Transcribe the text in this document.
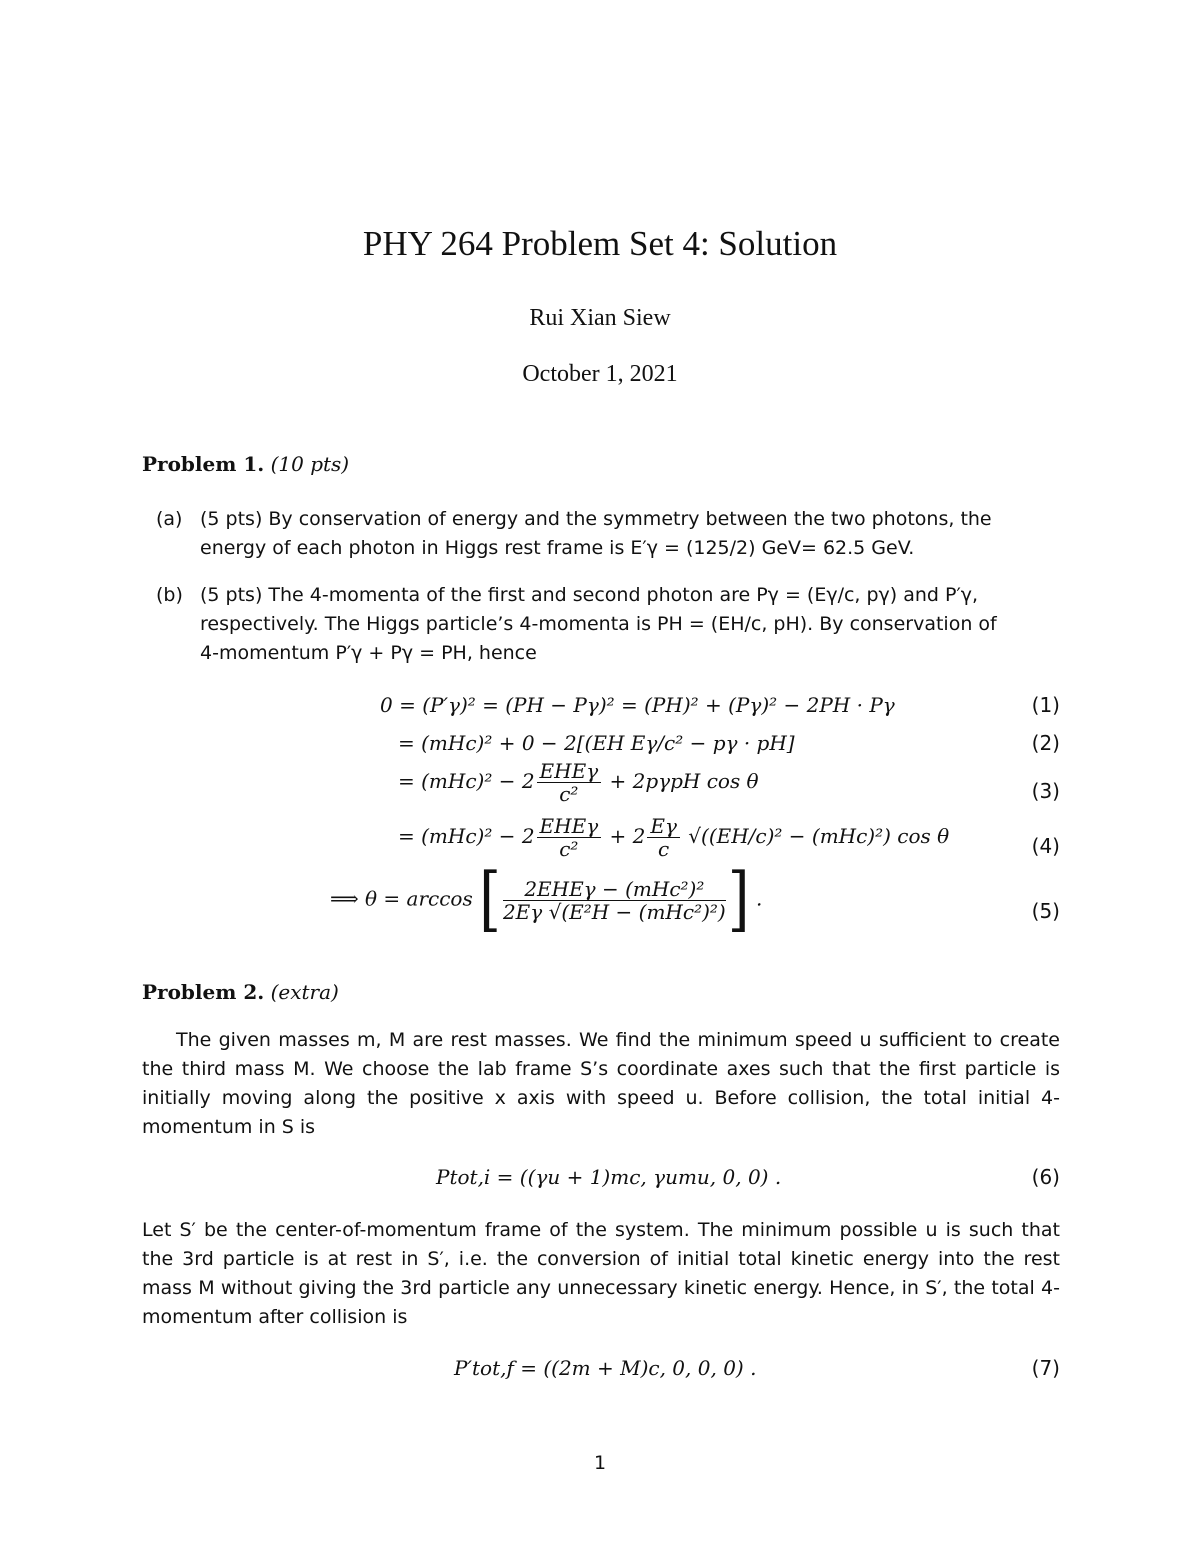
PHY 264 Problem Set 4: Solution
Rui Xian Siew
October 1, 2021
Problem 1. (10 pts)
(a) (5 pts) By conservation of energy and the symmetry between the two photons, the
energy of each photon in Higgs rest frame is E′γ = (125/2) GeV= 62.5 GeV.
(b) (5 pts) The 4-momenta of the first and second photon are Pγ = (Eγ/c, pγ) and P′γ,
respectively. The Higgs particle’s 4-momenta is PH = (EH/c, pH). By conservation of
4-momentum P′γ + Pγ = PH, hence
0 = (P′γ)² = (PH − Pγ)² = (PH)² + (Pγ)² − 2PH · Pγ	(1)
= (mHc)² + 0 − 2[(EH Eγ/c² − pγ · pH]	(2)
= $(mHc)^2 - 2 \frac{\text{EHEγ}}{\text{c²}} + 2p\gamma pH$ cos θ	(3)
= $(mHc)^2 - 2 \frac{\text{EHEγ}}{\text{c²}} + 2 \frac{E\gamma}{c} √((EH/c)^2 - (mHc)^2)$ cos θ	(4)
⟹ θ = arccos [ $\frac{\text{2EHEγ − (mHc²)²}}{\text{2Eγ √(E²H − (mHc²)²)}}$ ] .
(5)
Problem 2. (extra)
The given masses m, M are rest masses. We find the minimum speed u sufficient to create the third mass M. We choose the lab frame S’s coordinate axes such that the first particle is initially moving along the positive x axis with speed u. Before collision, the total initial 4-momentum in S is
Ptot,i = ((γu + 1)mc, γumu, 0, 0) .	(6)
Let S′ be the center-of-momentum frame of the system. The minimum possible u is such that the 3rd particle is at rest in S′, i.e. the conversion of initial total kinetic energy into the rest mass M without giving the 3rd particle any unnecessary kinetic energy. Hence, in S′, the total 4-momentum after collision is
P′tot,f = ((2m + M)c, 0, 0, 0) .	(7)
1
